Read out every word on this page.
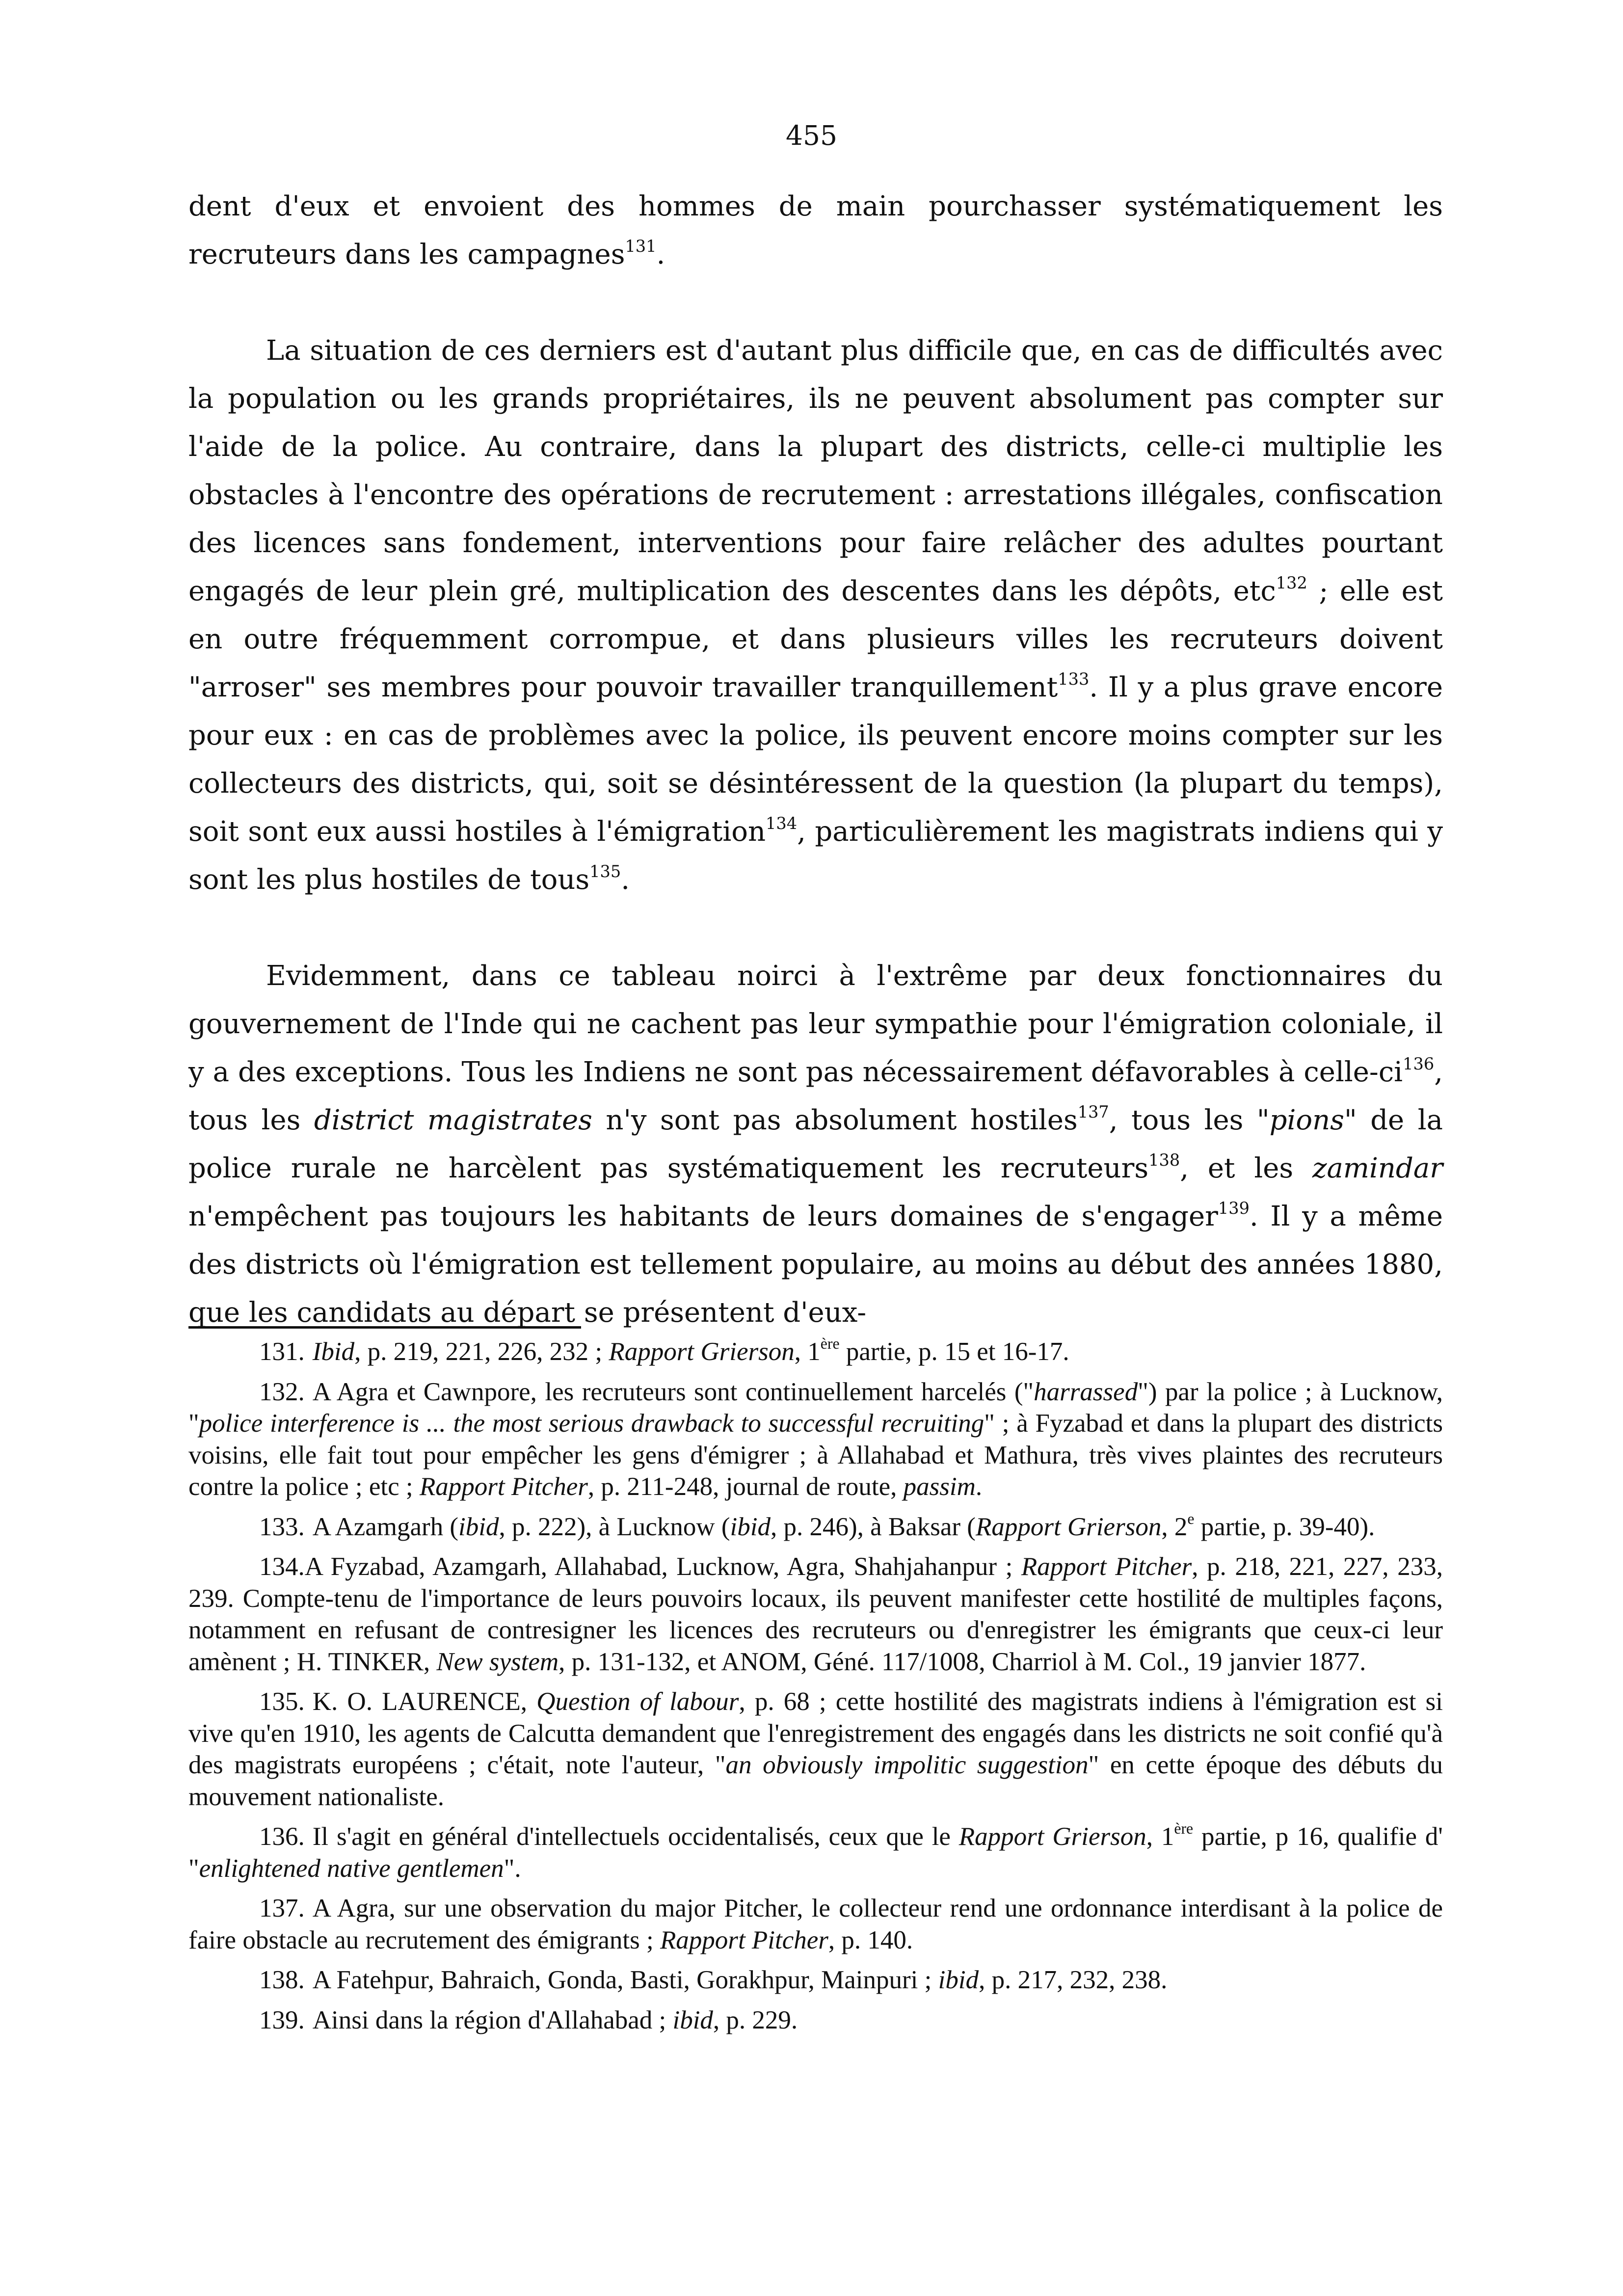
455

dent d'eux et envoient des hommes de main pourchasser systématiquement les recruteurs dans les campagnes$^{131}$.

La situation de ces derniers est d'autant plus difficile que, en cas de difficultés avec la population ou les grands propriétaires, ils ne peuvent absolument pas compter sur l'aide de la police. Au contraire, dans la plupart des districts, celle-ci multiplie les obstacles à l'encontre des opérations de recrutement : arrestations illégales, confiscation des licences sans fondement, interventions pour faire relâcher des adultes pourtant engagés de leur plein gré, multiplication des descentes dans les dépôts, etc$^{132}$ ; elle est en outre fréquemment corrompue, et dans plusieurs villes les recruteurs doivent "arroser" ses membres pour pouvoir travailler tranquillement$^{133}$. Il y a plus grave encore pour eux : en cas de problèmes avec la police, ils peuvent encore moins compter sur les collecteurs des districts, qui, soit se désintéressent de la question (la plupart du temps), soit sont eux aussi hostiles à l'émigration$^{134}$, particulièrement les magistrats indiens qui y sont les plus hostiles de tous$^{135}$.

Evidemment, dans ce tableau noirci à l'extrême par deux fonctionnaires du gouvernement de l'Inde qui ne cachent pas leur sympathie pour l'émigration coloniale, il y a des exceptions. Tous les Indiens ne sont pas nécessairement défavorables à celle-$ci^{136}$, tous les district magistrates n'y sont pas absolument hostiles$^{137}$, tous les "pions" de la police rurale ne harcèlent pas systématiquement les recruteurs$^{138}$, et les zamindar n'empêchent pas toujours les habitants de leurs domaines de s'engager$^{139}$. Il y a même des districts où l'émigration est tellement populaire, au moins au début des années 1880, que les candidats au départ se présentent d'eux-

131. Ibid, p. 219, 221, 226, 232 ; Rapport Grierson, 1ère partie, p. 15 et 16-17.

132. A Agra et Cawnpore, les recruteurs sont continuellement harcelés ("harrassed") par la police ; à Lucknow, "police interference is ... the most serious drawback to successful recruiting" ; à Fyzabad et dans la plupart des districts voisins, elle fait tout pour empêcher les gens d'émigrer ; à Allahabad et Mathura, très vives plaintes des recruteurs contre la police ; etc ; Rapport Pitcher, p. 211-248, journal de route, passim.

133. A Azamgarh (ibid, p. 222), à Lucknow (ibid, p. 246), à Baksar (Rapport Grierson, 2e partie, p. 39-40).

134.A Fyzabad, Azamgarh, Allahabad, Lucknow, Agra, Shahjahanpur ; Rapport Pitcher, p. 218, 221, 227, 233, 239. Compte-tenu de l'importance de leurs pouvoirs locaux, ils peuvent manifester cette hostilité de multiples façons, notamment en refusant de contresigner les licences des recruteurs ou d'enregistrer les émigrants que ceux-ci leur amènent ; H. TINKER, New system, p. 131-132, et ANOM, Géné. 117/1008, Charriol à M. Col., 19 janvier 1877.

135. K. O. LAURENCE, Question of labour, p. 68 ; cette hostilité des magistrats indiens à l'émigration est si vive qu'en 1910, les agents de Calcutta demandent que l'enregistrement des engagés dans les districts ne soit confié qu'à des magistrats européens ; c'était, note l'auteur, "an obviously impolitic suggestion" en cette époque des débuts du mouvement nationaliste.

136. Il s'agit en général d'intellectuels occidentalisés, ceux que le Rapport Grierson, 1ère partie, p 16, qualifie d' "enlightened native gentlemen".

137. A Agra, sur une observation du major Pitcher, le collecteur rend une ordonnance interdisant à la police de faire obstacle au recrutement des émigrants ; Rapport Pitcher, p. 140.

138. A Fatehpur, Bahraich, Gonda, Basti, Gorakhpur, Mainpuri ; ibid, p. 217, 232, 238.

139. Ainsi dans la région d'Allahabad ; ibid, p. 229.
